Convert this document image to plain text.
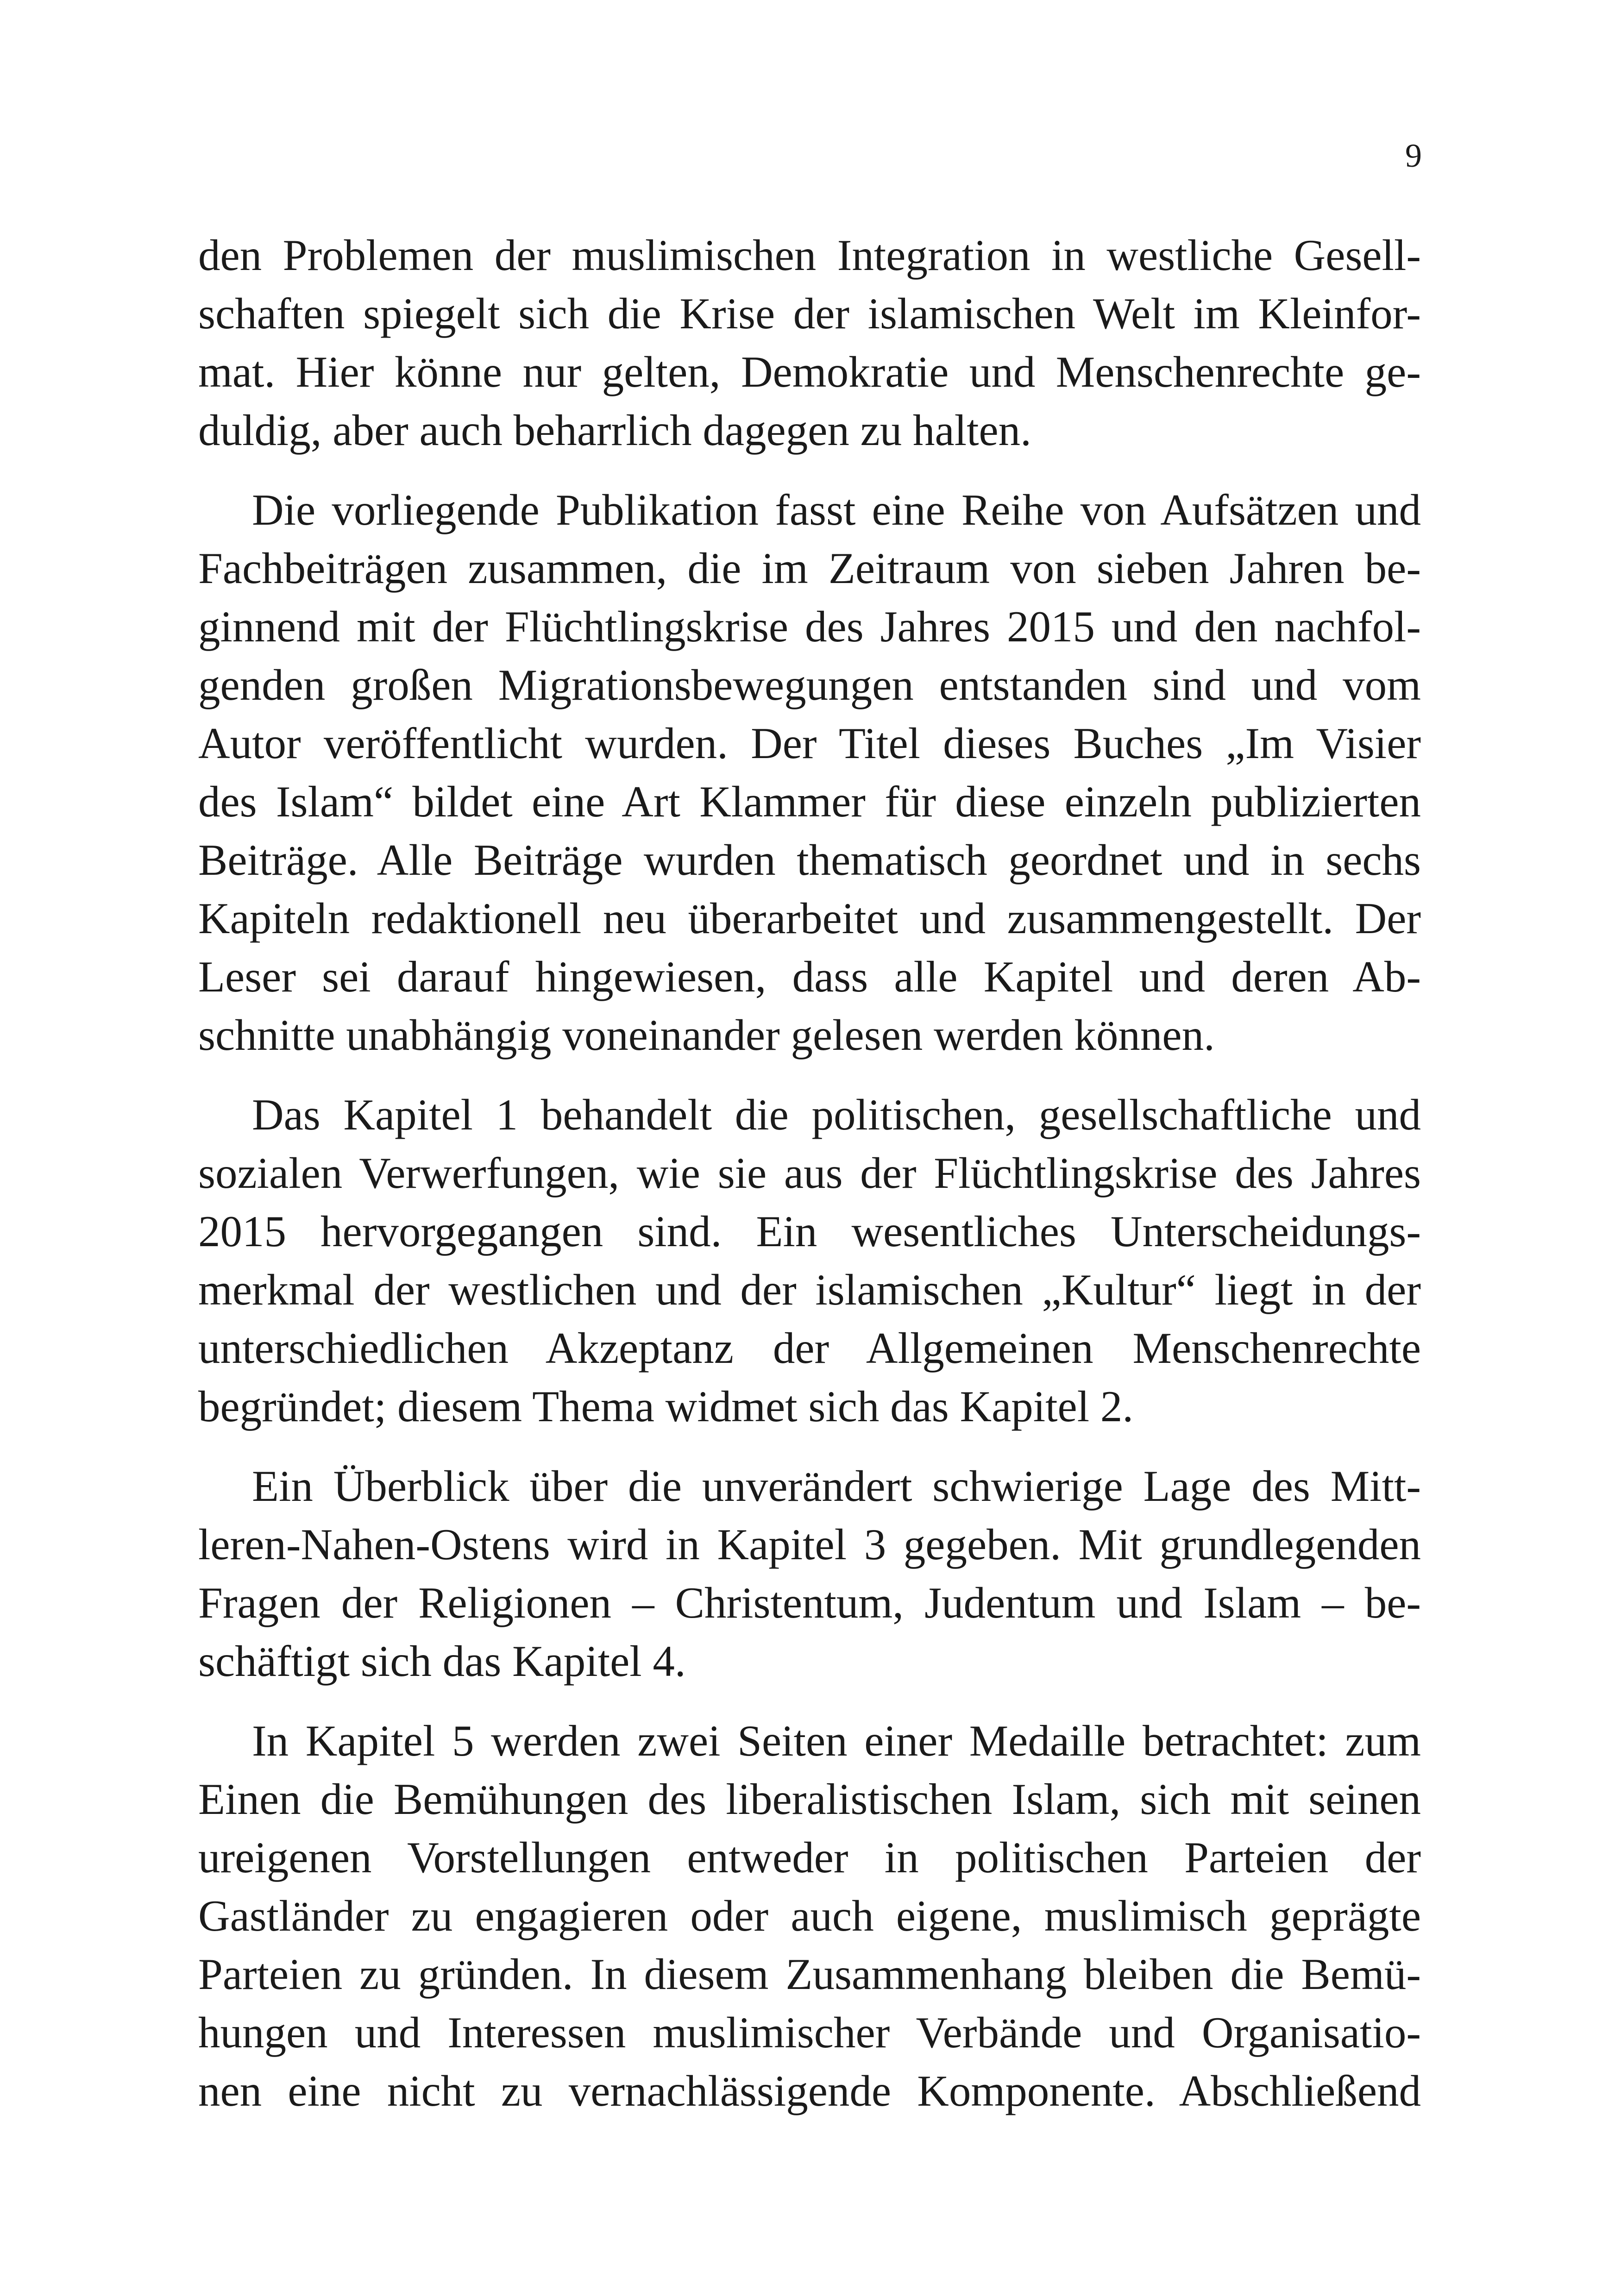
9
den Problemen der muslimischen Integration in westliche Gesell-
schaften spiegelt sich die Krise der islamischen Welt im Kleinfor-
mat. Hier könne nur gelten, Demokratie und Menschenrechte ge-
duldig, aber auch beharrlich dagegen zu halten.
Die vorliegende Publikation fasst eine Reihe von Aufsätzen und
Fachbeiträgen zusammen, die im Zeitraum von sieben Jahren be-
ginnend mit der Flüchtlingskrise des Jahres 2015 und den nachfol-
genden großen Migrationsbewegungen entstanden sind und vom
Autor veröffentlicht wurden. Der Titel dieses Buches „Im Visier
des Islam“ bildet eine Art Klammer für diese einzeln publizierten
Beiträge. Alle Beiträge wurden thematisch geordnet und in sechs
Kapiteln redaktionell neu überarbeitet und zusammengestellt. Der
Leser sei darauf hingewiesen, dass alle Kapitel und deren Ab-
schnitte unabhängig voneinander gelesen werden können.
Das Kapitel 1 behandelt die politischen, gesellschaftliche und
sozialen Verwerfungen, wie sie aus der Flüchtlingskrise des Jahres
2015 hervorgegangen sind. Ein wesentliches Unterscheidungs-
merkmal der westlichen und der islamischen „Kultur“ liegt in der
unterschiedlichen Akzeptanz der Allgemeinen Menschenrechte
begründet; diesem Thema widmet sich das Kapitel 2.
Ein Überblick über die unverändert schwierige Lage des Mitt-
leren-Nahen-Ostens wird in Kapitel 3 gegeben. Mit grundlegenden
Fragen der Religionen – Christentum, Judentum und Islam – be-
schäftigt sich das Kapitel 4.
In Kapitel 5 werden zwei Seiten einer Medaille betrachtet: zum
Einen die Bemühungen des liberalistischen Islam, sich mit seinen
ureigenen Vorstellungen entweder in politischen Parteien der
Gastländer zu engagieren oder auch eigene, muslimisch geprägte
Parteien zu gründen. In diesem Zusammenhang bleiben die Bemü-
hungen und Interessen muslimischer Verbände und Organisatio-
nen eine nicht zu vernachlässigende Komponente. Abschließend
